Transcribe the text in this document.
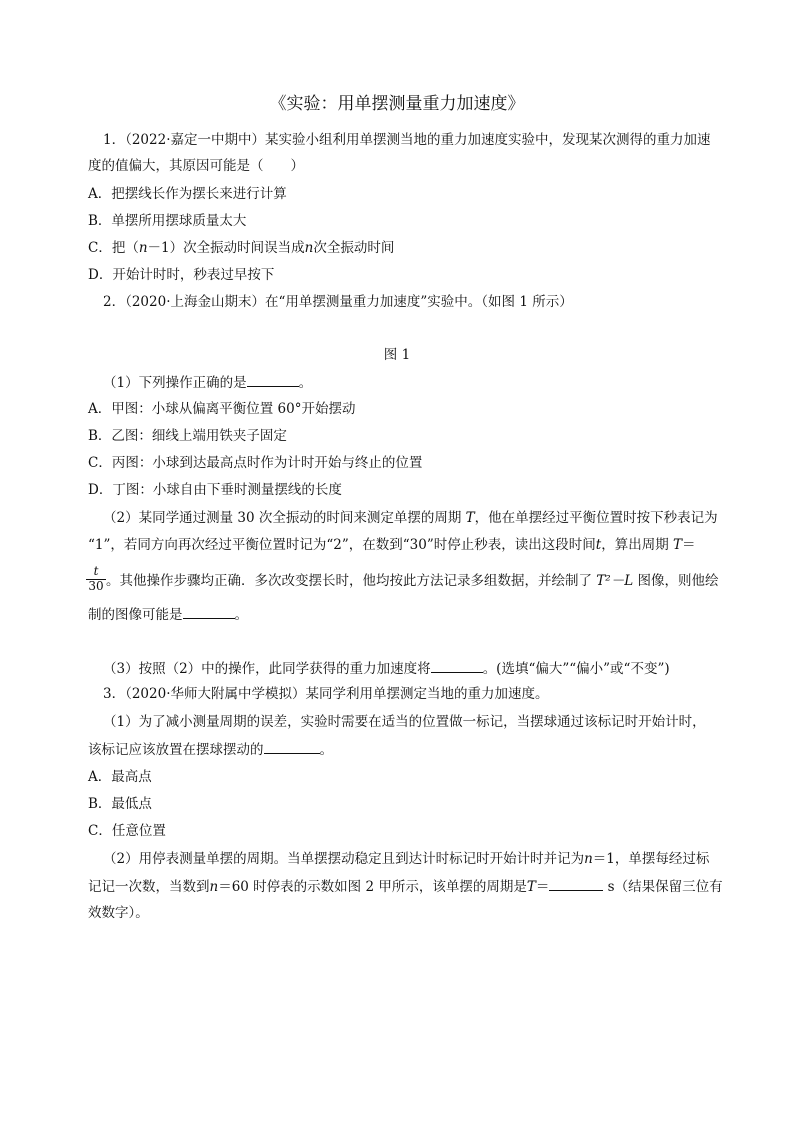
《实验：用单摆测量重力加速度》
1．（2022·嘉定一中期中）某实验小组利用单摆测当地的重力加速度实验中，发现某次测得的重力加速
度的值偏大，其原因可能是（　　）
A．把摆线长作为摆长来进行计算
B．单摆所用摆球质量太大
C．把（n－1）次全振动时间误当成n次全振动时间
D．开始计时时，秒表过早按下
2．（2020·上海金山期末）在“用单摆测量重力加速度”实验中。（如图 1 所示）
图 1
（1）下列操作正确的是	。
A．甲图：小球从偏离平衡位置 60°开始摆动
B．乙图：细线上端用铁夹子固定
C．丙图：小球到达最高点时作为计时开始与终止的位置
D．丁图：小球自由下垂时测量摆线的长度
（2）某同学通过测量 30 次全振动的时间来测定单摆的周期 T，他在单摆经过平衡位置时按下秒表记为
“1”，若同方向再次经过平衡位置时记为“2”，在数到“30”时停止秒表，读出这段时间t，算出周期 T＝
$\frac{t}{30}$ 。其他操作步骤均正确．多次改变摆长时，他均按此方法记录多组数据，并绘制了 T²－L 图像，则他绘
制的图像可能是	。
（3）按照（2）中的操作，此同学获得的重力加速度将	。(选填“偏大”“偏小”或“不变”)
3．（2020·华师大附属中学模拟）某同学利用单摆测定当地的重力加速度。
（1）为了减小测量周期的误差，实验时需要在适当的位置做一标记，当摆球通过该标记时开始计时，
该标记应该放置在摆球摆动的	。
A．最高点
B．最低点
C．任意位置
（2）用停表测量单摆的周期。当单摆摆动稳定且到达计时标记时开始计时并记为n＝1，单摆每经过标
记记一次数，当数到n＝60 时停表的示数如图 2 甲所示，该单摆的周期是T＝	s（结果保留三位有
效数字）。
